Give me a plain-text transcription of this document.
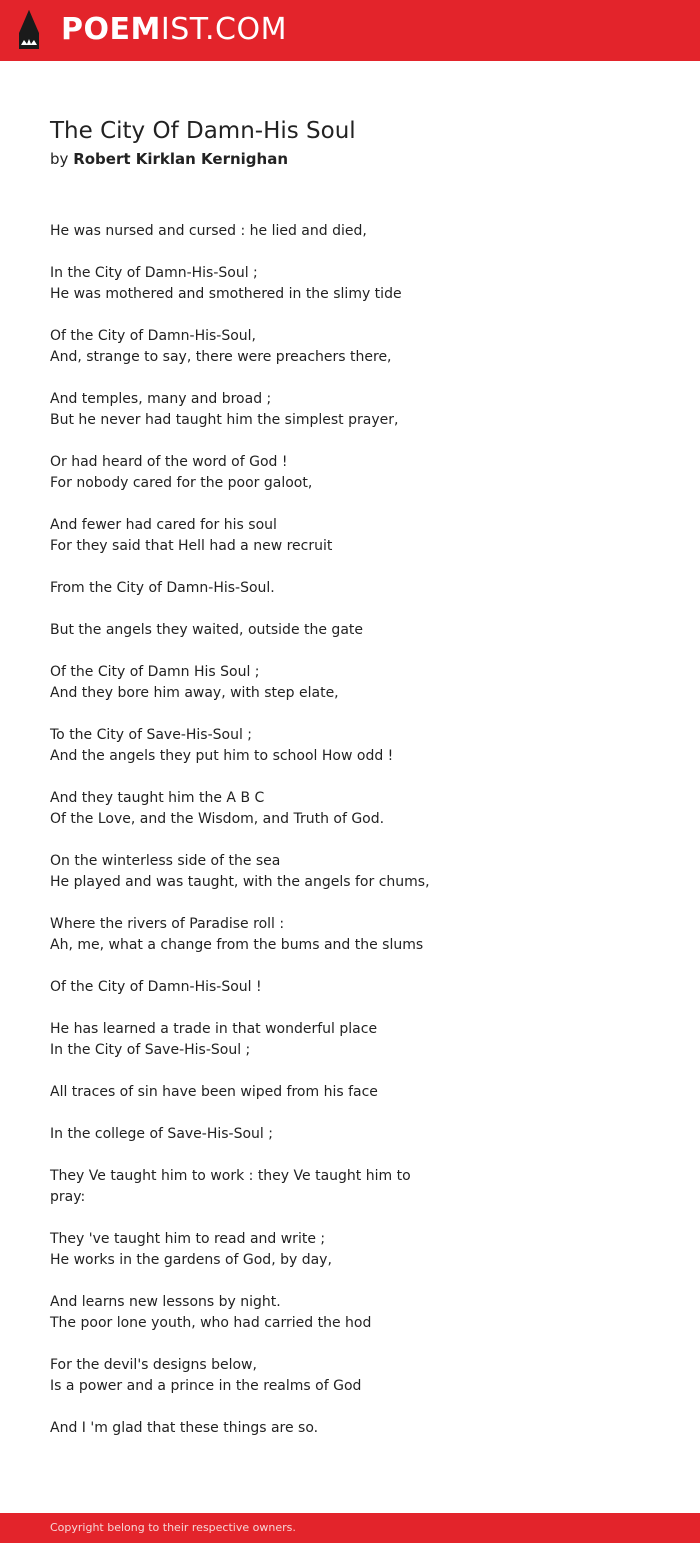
POEMIST.COM
The City Of Damn-His Soul
by Robert Kirklan Kernighan
He was nursed and cursed : he lied and died,
In the City of Damn-His-Soul ;
He was mothered and smothered in the slimy tide
Of the City of Damn-His-Soul,
And, strange to say, there were preachers there,
And temples, many and broad ;
But he never had taught him the simplest prayer,
Or had heard of the word of God !
For nobody cared for the poor galoot,
And fewer had cared for his soul
For they said that Hell had a new recruit
From the City of Damn-His-Soul.
But the angels they waited, outside the gate
Of the City of Damn His Soul ;
And they bore him away, with step elate,
To the City of Save-His-Soul ;
And the angels they put him to school How odd !
And they taught him the A B C
Of the Love, and the Wisdom, and Truth of God.
On the winterless side of the sea
He played and was taught, with the angels for chums,
Where the rivers of Paradise roll :
Ah, me, what a change from the bums and the slums
Of the City of Damn-His-Soul !
He has learned a trade in that wonderful place
In the City of Save-His-Soul ;
All traces of sin have been wiped from his face
In the college of Save-His-Soul ;
They Ve taught him to work : they Ve taught him to pray:
They 've taught him to read and write ;
He works in the gardens of God, by day,
And learns new lessons by night.
The poor lone youth, who had carried the hod
For the devil's designs below,
Is a power and a prince in the realms of God
And I 'm glad that these things are so.
Copyright belong to their respective owners.
